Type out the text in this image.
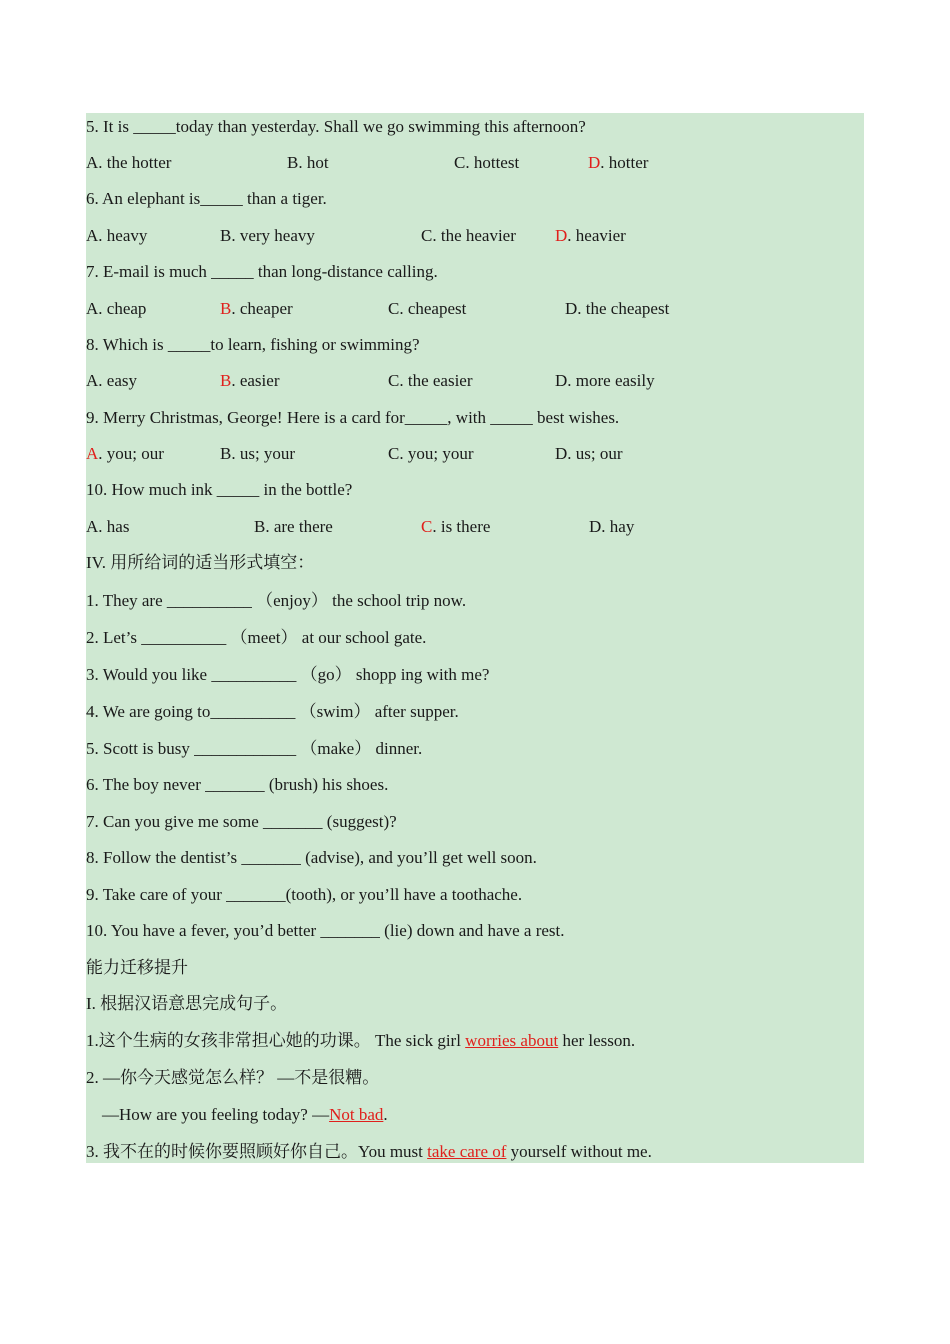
5. It is _____today than yesterday. Shall we go swimming this afternoon?
A. the hotter	B. hot	C. hottest	D. hotter
6. An elephant is_____ than a tiger.
A. heavy	B. very heavy	C. the heavier D. heavier
7. E-mail is much _____ than long-distance calling.
A. cheap	B. cheaper	C. cheapest	D. the cheapest
8. Which is _____to learn, fishing or swimming?
A. easy	B. easier	C. the easier	D. more easily
9. Merry Christmas, George! Here is a card for_____, with _____ best wishes.
A. you; our	B. us; your	C. you; your	D. us; our
10. How much ink _____ in the bottle?
A. has	B. are there	C. is there	D. hay
IV. 用所给词的适当形式填空：
1. They are __________ （enjoy） the school trip now.
2. Let’s __________ （meet） at our school gate.
3. Would you like __________ （go） shopp ing with me?
4. We are going to__________ （swim） after supper.
5. Scott is busy ____________ （make） dinner.
6. The boy never _______ (brush) his shoes.
7. Can you give me some _______ (suggest)?
8. Follow the dentist’s _______ (advise), and you’ll get well soon.
9. Take care of your _______(tooth), or you’ll have a toothache.
10. You have a fever, you’d better _______ (lie) down and have a rest.
能力迁移提升
I. 根据汉语意思完成句子。
1.这个生病的女孩非常担心她的功课。 The sick girl worries about her lesson.
2. —你今天感觉怎么样？ —不是很糟。
—How are you feeling today? —Not bad.
3. 我不在的时候你要照顾好你自己。You must take care of yourself without me.
